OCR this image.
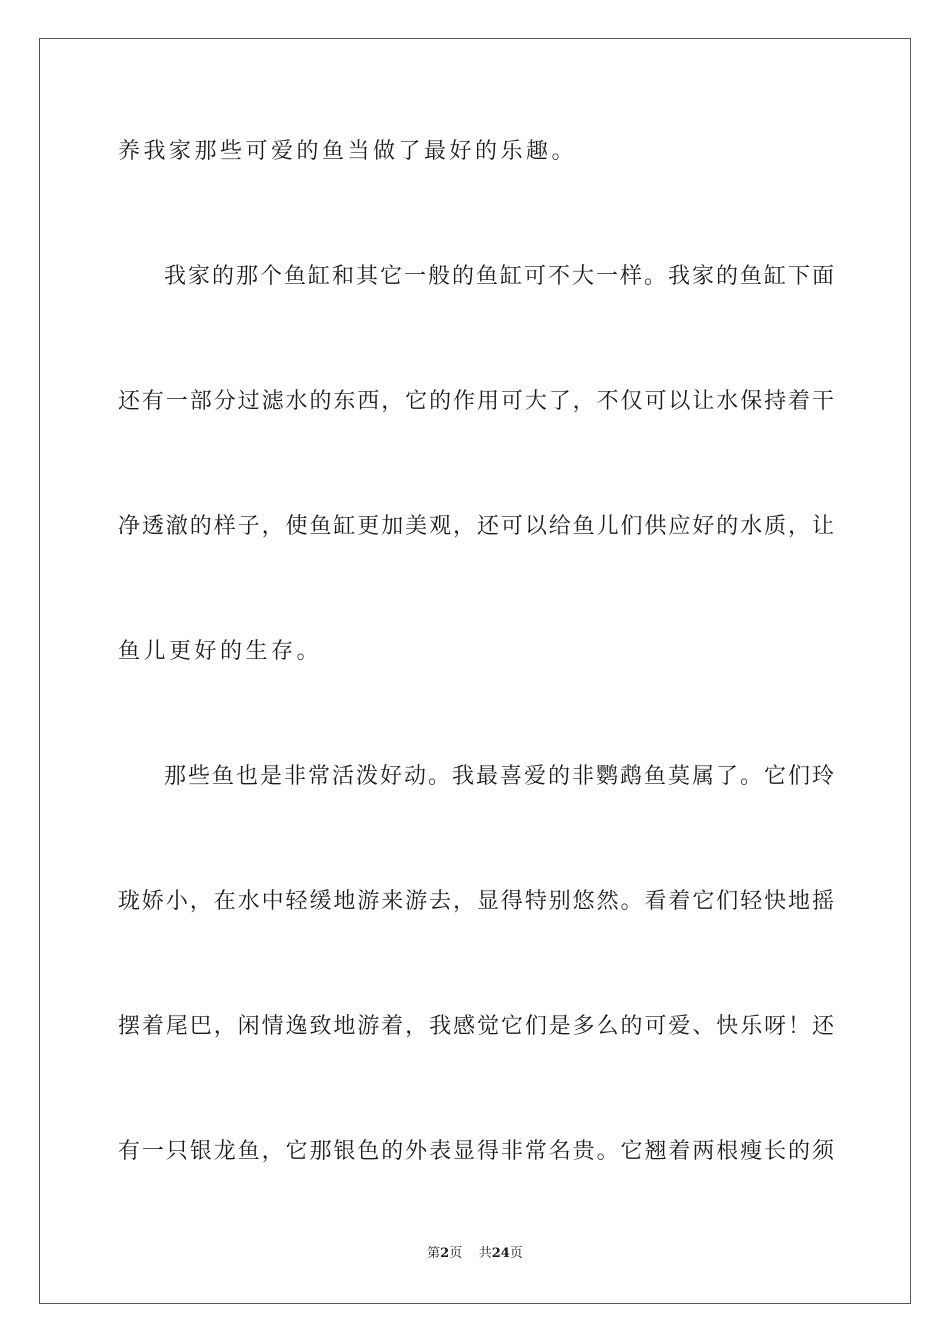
养我家那些可爱的鱼当做了最好的乐趣。
我家的那个鱼缸和其它一般的鱼缸可不大一样。我家的鱼缸下面
还有一部分过滤水的东西，它的作用可大了，不仅可以让水保持着干
净透澈的样子，使鱼缸更加美观，还可以给鱼儿们供应好的水质，让
鱼儿更好的生存。
那些鱼也是非常活泼好动。我最喜爱的非鹦鹉鱼莫属了。它们玲
珑娇小，在水中轻缓地游来游去，显得特别悠然。看着它们轻快地摇
摆着尾巴，闲情逸致地游着，我感觉它们是多么的可爱、快乐呀！还
有一只银龙鱼，它那银色的外表显得非常名贵。它翘着两根瘦长的须
第2页 共24页
